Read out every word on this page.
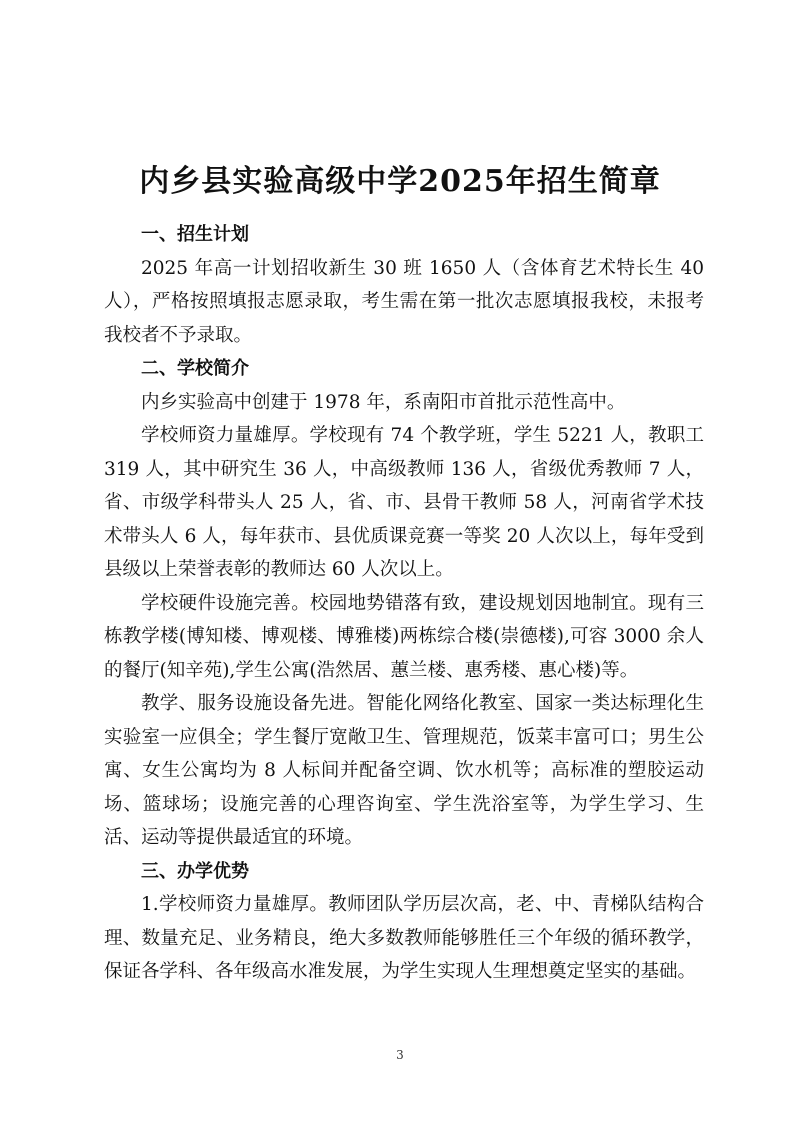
内乡县实验高级中学2025年招生简章
一、招生计划

2025 年高一计划招收新生 30 班 1650 人（含体育艺术特长生 40 人），严格按照填报志愿录取，考生需在第一批次志愿填报我校，未报考我校者不予录取。

二、学校简介

内乡实验高中创建于 1978 年，系南阳市首批示范性高中。

学校师资力量雄厚。学校现有 74 个教学班，学生 5221 人，教职工 319 人，其中研究生 36 人，中高级教师 136 人，省级优秀教师 7 人，省、市级学科带头人 25 人，省、市、县骨干教师 58 人，河南省学术技术带头人 6 人，每年获市、县优质课竞赛一等奖 20 人次以上，每年受到县级以上荣誉表彰的教师达 60 人次以上。

学校硬件设施完善。校园地势错落有致，建设规划因地制宜。现有三栋教学楼(博知楼、博观楼、博雅楼)两栋综合楼(崇德楼),可容 3000 余人的餐厅(知辛苑),学生公寓(浩然居、蕙兰楼、惠秀楼、惠心楼)等。

教学、服务设施设备先进。智能化网络化教室、国家一类达标理化生实验室一应俱全；学生餐厅宽敞卫生、管理规范，饭菜丰富可口；男生公寓、女生公寓均为 8 人标间并配备空调、饮水机等；高标准的塑胶运动场、篮球场；设施完善的心理咨询室、学生洗浴室等，为学生学习、生活、运动等提供最适宜的环境。

三、办学优势

1.学校师资力量雄厚。教师团队学历层次高，老、中、青梯队结构合理、数量充足、业务精良，绝大多数教师能够胜任三个年级的循环教学，保证各学科、各年级高水准发展，为学生实现人生理想奠定坚实的基础。

3
